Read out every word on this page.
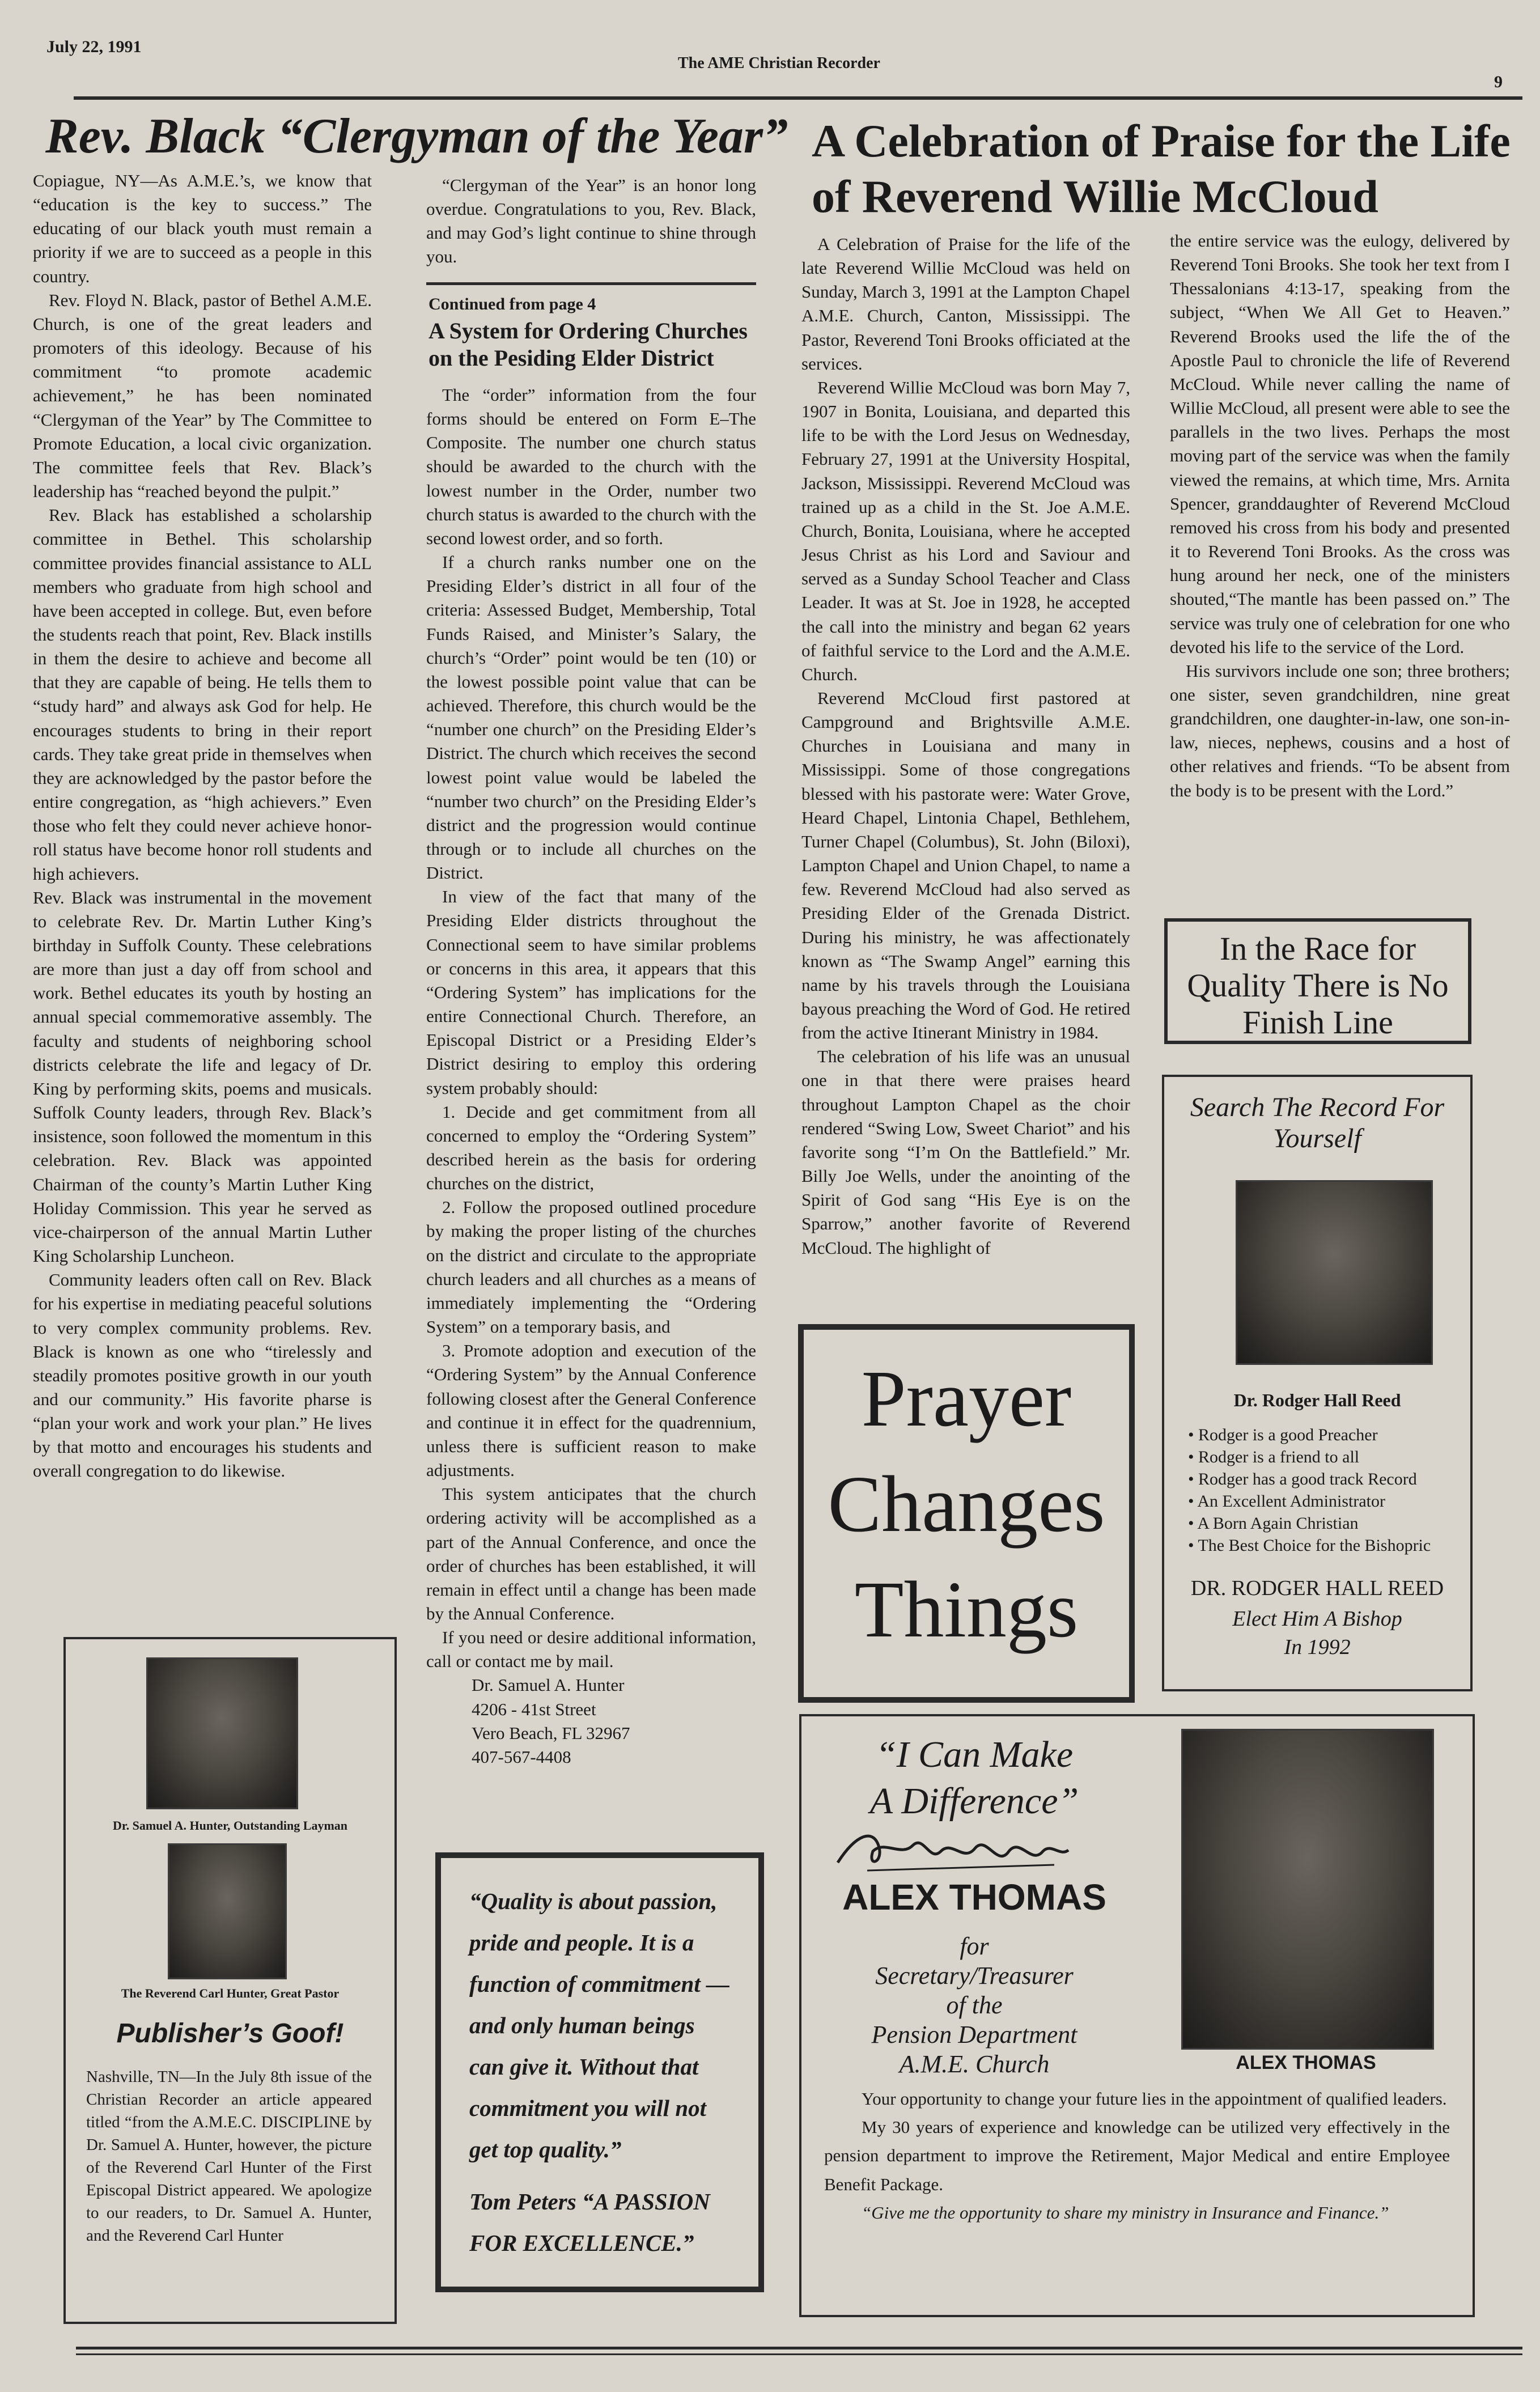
July 22, 1991
The AME Christian Recorder
9
Rev. Black “Clergyman of the Year”

Copiague, NY—As A.M.E.’s, we know that “education is the key to success.” The educating of our black youth must remain a priority if we are to succeed as a people in this country.

Rev. Floyd N. Black, pastor of Bethel A.M.E. Church, is one of the great leaders and promoters of this ideology. Because of his commitment “to promote academic achievement,” he has been nominated “Clergyman of the Year” by The Committee to Promote Education, a local civic organization. The committee feels that Rev. Black’s leadership has “reached beyond the pulpit.”

Rev. Black has established a scholarship committee in Bethel. This scholarship committee provides financial assistance to ALL members who graduate from high school and have been accepted in college. But, even before the students reach that point, Rev. Black instills in them the desire to achieve and become all that they are capable of being. He tells them to “study hard” and always ask God for help. He encourages students to bring in their report cards. They take great pride in themselves when they are acknowledged by the pastor before the entire congregation, as “high achievers.” Even those who felt they could never achieve honor-roll status have become honor roll students and high achievers.

Rev. Black was instrumental in the movement to celebrate Rev. Dr. Martin Luther King’s birthday in Suffolk County. These celebrations are more than just a day off from school and work. Bethel educates its youth by hosting an annual special commemorative assembly. The faculty and students of neighboring school districts celebrate the life and legacy of Dr. King by performing skits, poems and musicals. Suffolk County leaders, through Rev. Black’s insistence, soon followed the momentum in this celebration. Rev. Black was appointed Chairman of the county’s Martin Luther King Holiday Commission. This year he served as vice-chairperson of the annual Martin Luther King Scholarship Luncheon.

Community leaders often call on Rev. Black for his expertise in mediating peaceful solutions to very complex community problems. Rev. Black is known as one who “tirelessly and steadily promotes positive growth in our youth and our community.” His favorite pharse is “plan your work and work your plan.” He lives by that motto and encourages his students and overall congregation to do likewise.

“Clergyman of the Year” is an honor long overdue. Congratulations to you, Rev. Black, and may God’s light continue to shine through you.

Continued from page 4
A System for Ordering Churches on the Pesiding Elder District

The “order” information from the four forms should be entered on Form E–The Composite. The number one church status should be awarded to the church with the lowest number in the Order, number two church status is awarded to the church with the second lowest order, and so forth.

If a church ranks number one on the Presiding Elder’s district in all four of the criteria: Assessed Budget, Membership, Total Funds Raised, and Minister’s Salary, the church’s “Order” point would be ten (10) or the lowest possible point value that can be achieved. Therefore, this church would be the “number one church” on the Presiding Elder’s District. The church which receives the second lowest point value would be labeled the “number two church” on the Presiding Elder’s district and the progression would continue through or to include all churches on the District.

In view of the fact that many of the Presiding Elder districts throughout the Connectional seem to have similar problems or concerns in this area, it appears that this “Ordering System” has implications for the entire Connectional Church. Therefore, an Episcopal District or a Presiding Elder’s District desiring to employ this ordering system probably should:

1. Decide and get commitment from all concerned to employ the “Ordering System” described herein as the basis for ordering churches on the district,

2. Follow the proposed outlined procedure by making the proper listing of the churches on the district and circulate to the appropriate church leaders and all churches as a means of immediately implementing the “Ordering System” on a temporary basis, and

3. Promote adoption and execution of the “Ordering System” by the Annual Conference following closest after the General Conference and continue it in effect for the quadrennium, unless there is sufficient reason to make adjustments.

This system anticipates that the church ordering activity will be accomplished as a part of the Annual Conference, and once the order of churches has been established, it will remain in effect until a change has been made by the Annual Conference.

If you need or desire additional information, call or contact me by mail.

Dr. Samuel A. Hunter
4206 - 41st Street
Vero Beach, FL 32967
407-567-4408
Dr. Samuel A. Hunter, Outstanding Layman
The Reverend Carl Hunter, Great Pastor
Publisher’s Goof!
Nashville, TN—In the July 8th issue of the Christian Recorder an article appeared titled “from the A.M.E.C. DISCIPLINE by Dr. Samuel A. Hunter, however, the picture of the Reverend Carl Hunter of the First Episcopal District appeared. We apologize to our readers, to Dr. Samuel A. Hunter, and the Reverend Carl Hunter
“Quality is about passion, pride and people. It is a function of commitment — and only human beings can give it. Without that commitment you will not get top quality.”
Tom Peters “A PASSION FOR EXCELLENCE.”
A Celebration of Praise for the Life of Reverend Willie McCloud

A Celebration of Praise for the life of the late Reverend Willie McCloud was held on Sunday, March 3, 1991 at the Lampton Chapel A.M.E. Church, Canton, Mississippi. The Pastor, Reverend Toni Brooks officiated at the services.

Reverend Willie McCloud was born May 7, 1907 in Bonita, Louisiana, and departed this life to be with the Lord Jesus on Wednesday, February 27, 1991 at the University Hospital, Jackson, Mississippi. Reverend McCloud was trained up as a child in the St. Joe A.M.E. Church, Bonita, Louisiana, where he accepted Jesus Christ as his Lord and Saviour and served as a Sunday School Teacher and Class Leader. It was at St. Joe in 1928, he accepted the call into the ministry and began 62 years of faithful service to the Lord and the A.M.E. Church.

Reverend McCloud first pastored at Campground and Brightsville A.M.E. Churches in Louisiana and many in Mississippi. Some of those congregations blessed with his pastorate were: Water Grove, Heard Chapel, Lintonia Chapel, Bethlehem, Turner Chapel (Columbus), St. John (Biloxi), Lampton Chapel and Union Chapel, to name a few. Reverend McCloud had also served as Presiding Elder of the Grenada District. During his ministry, he was affectionately known as “The Swamp Angel” earning this name by his travels through the Louisiana bayous preaching the Word of God. He retired from the active Itinerant Ministry in 1984.

The celebration of his life was an unusual one in that there were praises heard throughout Lampton Chapel as the choir rendered “Swing Low, Sweet Chariot” and his favorite song “I’m On the Battlefield.” Mr. Billy Joe Wells, under the anointing of the Spirit of God sang “His Eye is on the Sparrow,” another favorite of Reverend McCloud. The highlight of

the entire service was the eulogy, delivered by Reverend Toni Brooks. She took her text from I Thessalonians 4:13-17, speaking from the subject, “When We All Get to Heaven.” Reverend Brooks used the life the of the Apostle Paul to chronicle the life of Reverend McCloud. While never calling the name of Willie McCloud, all present were able to see the parallels in the two lives. Perhaps the most moving part of the service was when the family viewed the remains, at which time, Mrs. Arnita Spencer, granddaughter of Reverend McCloud removed his cross from his body and presented it to Reverend Toni Brooks. As the cross was hung around her neck, one of the ministers shouted,“The mantle has been passed on.” The service was truly one of celebration for one who devoted his life to the service of the Lord.

His survivors include one son; three brothers; one sister, seven grandchildren, nine great grandchildren, one daughter-in-law, one son-in-law, nieces, nephews, cousins and a host of other relatives and friends. “To be absent from the body is to be present with the Lord.”

Prayer
Changes
Things
In the Race for Quality There is No Finish Line
Search The Record For Yourself
Dr. Rodger Hall Reed
• Rodger is a good Preacher
• Rodger is a friend to all
• Rodger has a good track Record
• An Excellent Administrator
• A Born Again Christian
• The Best Choice for the Bishopric
DR. RODGER HALL REED
Elect Him A Bishop
In 1992
“I Can Make
A Difference”
ALEX THOMAS
for
Secretary/Treasurer
of the
Pension Department
A.M.E. Church	ALEX THOMAS

Your opportunity to change your future lies in the appointment of qualified leaders.

My 30 years of experience and knowledge can be utilized very effectively in the pension department to improve the Retirement, Major Medical and entire Employee Benefit Package.

“Give me the opportunity to share my ministry in Insurance and Finance.”
